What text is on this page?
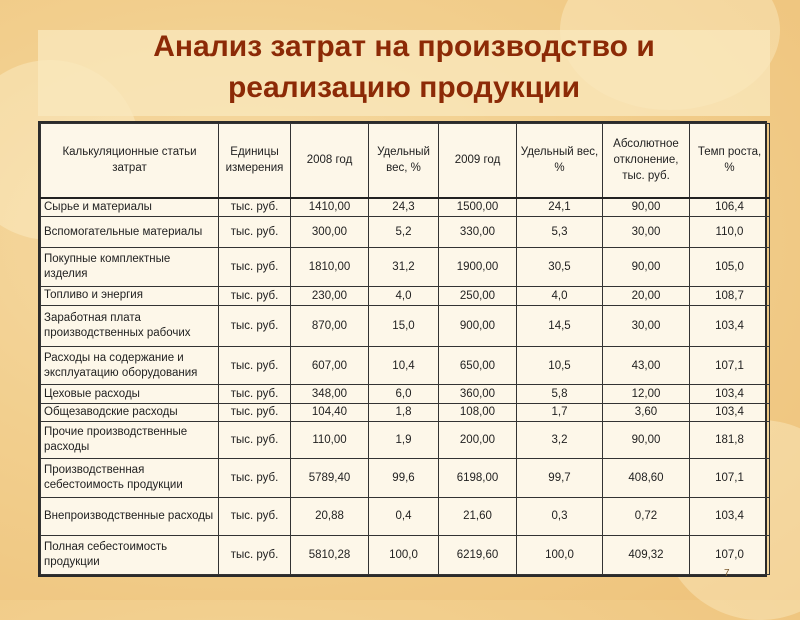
Анализ затрат на производство и
реализацию продукции
Калькуляционные статьи затрат	Единицы измерения	2008 год	Удельный вес, %	2009 год	Удельный вес, %	Абсолютное отклонение, тыс. руб.	Темп роста, %
Сырье и материалы	тыс. руб.	1410,00	24,3	1500,00	24,1	90,00	106,4
Вспомогательные материалы	тыс. руб.	300,00	5,2	330,00	5,3	30,00	110,0
Покупные комплектные изделия	тыс. руб.	1810,00	31,2	1900,00	30,5	90,00	105,0
Топливо и энергия	тыс. руб.	230,00	4,0	250,00	4,0	20,00	108,7
Заработная плата производственных рабочих	тыс. руб.	870,00	15,0	900,00	14,5	30,00	103,4
Расходы на содержание и эксплуатацию оборудования	тыс. руб.	607,00	10,4	650,00	10,5	43,00	107,1
Цеховые расходы	тыс. руб.	348,00	6,0	360,00	5,8	12,00	103,4
Общезаводские расходы	тыс. руб.	104,40	1,8	108,00	1,7	3,60	103,4
Прочие производственные расходы	тыс. руб.	110,00	1,9	200,00	3,2	90,00	181,8
Производственная себестоимость продукции	тыс. руб.	5789,40	99,6	6198,00	99,7	408,60	107,1
Внепроизводственные расходы	тыс. руб.	20,88	0,4	21,60	0,3	0,72	103,4
Полная себестоимость продукции	тыс. руб.	5810,28	100,0	6219,60	100,0	409,32	107,0
7
